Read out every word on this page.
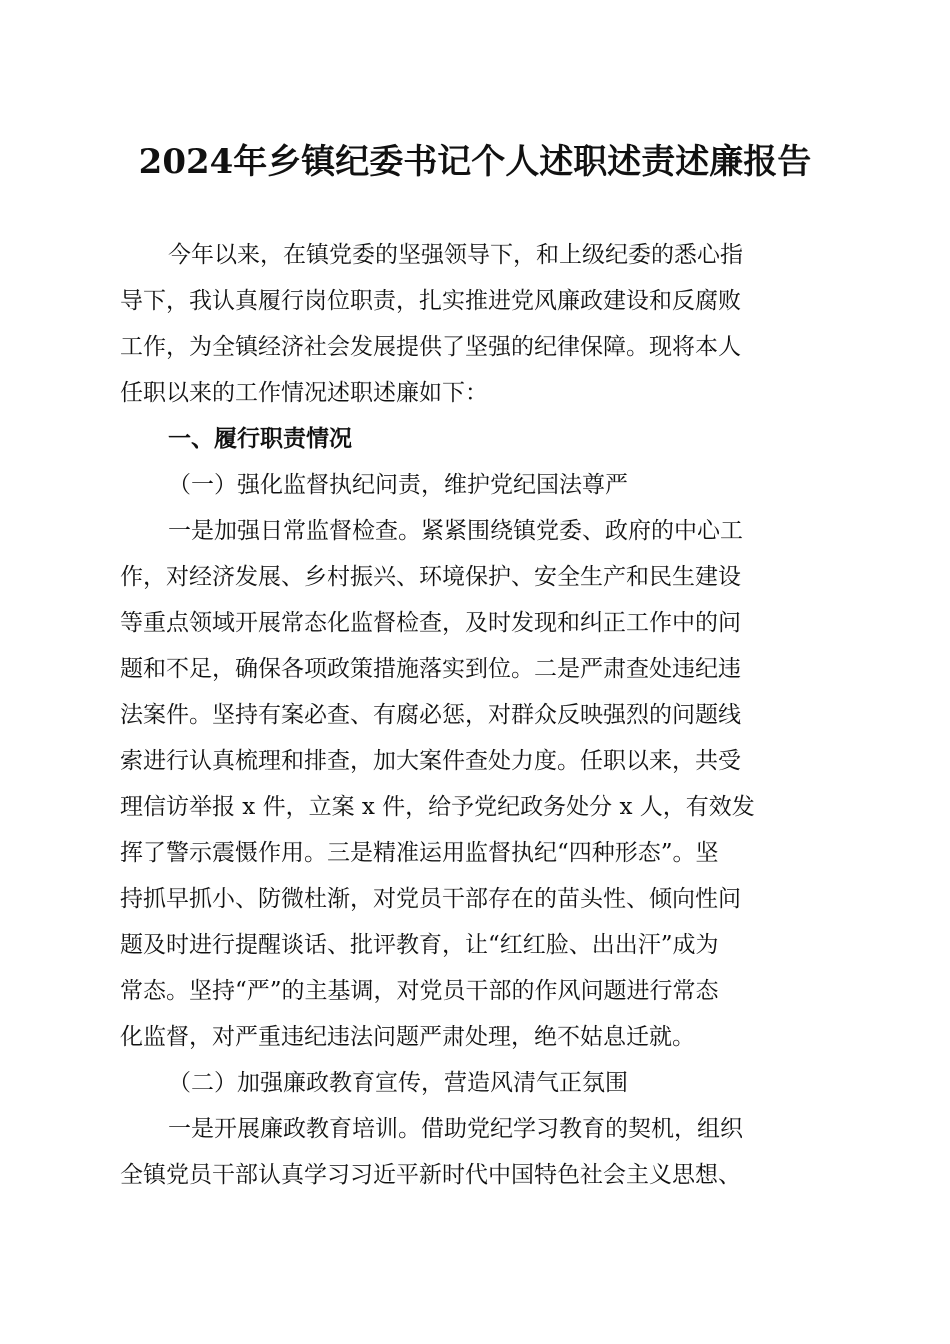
2024年乡镇纪委书记个人述职述责述廉报告
今年以来，在镇党委的坚强领导下，和上级纪委的悉心指
导下，我认真履行岗位职责，扎实推进党风廉政建设和反腐败
工作，为全镇经济社会发展提供了坚强的纪律保障。现将本人
任职以来的工作情况述职述廉如下：
一、履行职责情况
（一）强化监督执纪问责，维护党纪国法尊严
一是加强日常监督检查。紧紧围绕镇党委、政府的中心工
作，对经济发展、乡村振兴、环境保护、安全生产和民生建设
等重点领域开展常态化监督检查，及时发现和纠正工作中的问
题和不足，确保各项政策措施落实到位。二是严肃查处违纪违
法案件。坚持有案必查、有腐必惩，对群众反映强烈的问题线
索进行认真梳理和排查，加大案件查处力度。任职以来，共受
理信访举报 x 件，立案 x 件，给予党纪政务处分 x 人，有效发
挥了警示震慑作用。三是精准运用监督执纪“四种形态”。坚
持抓早抓小、防微杜渐，对党员干部存在的苗头性、倾向性问
题及时进行提醒谈话、批评教育，让“红红脸、出出汗”成为
常态。坚持“严”的主基调，对党员干部的作风问题进行常态
化监督，对严重违纪违法问题严肃处理，绝不姑息迁就。
（二）加强廉政教育宣传，营造风清气正氛围
一是开展廉政教育培训。借助党纪学习教育的契机，组织
全镇党员干部认真学习习近平新时代中国特色社会主义思想、
